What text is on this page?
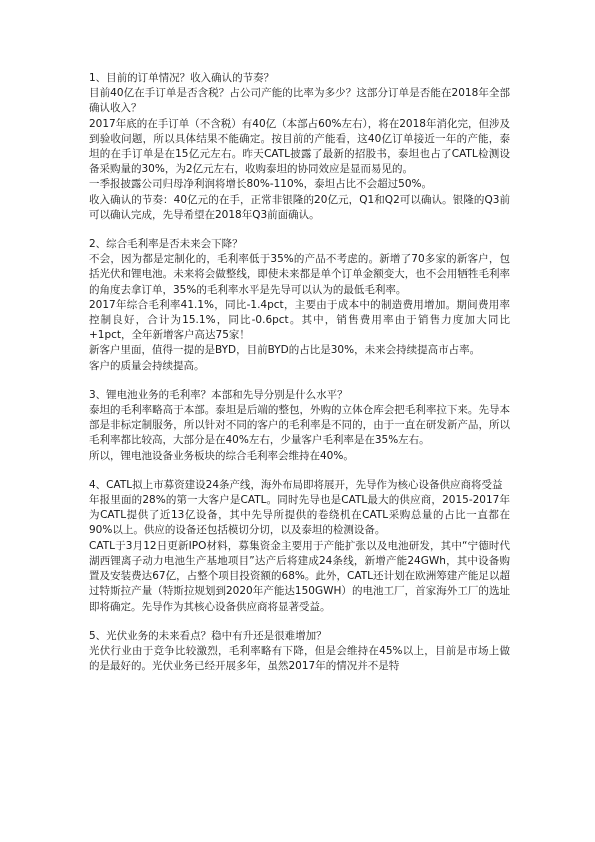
1、目前的订单情况？收入确认的节奏？

目前40亿在手订单是否含税？占公司产能的比率为多少？这部分订单是否能在2018年全部确认收入？

2017年底的在手订单（不含税）有40亿（本部占60%左右），将在2018年消化完，但涉及到验收问题，所以具体结果不能确定。按目前的产能看，这40亿订单接近一年的产能，泰坦的在手订单是在15亿元左右。昨天CATL披露了最新的招股书，泰坦也占了CATL检测设备采购量的30%，为2亿元左右，收购泰坦的协同效应是显而易见的。

一季报披露公司归母净利润将增长80%-110%，泰坦占比不会超过50%。

收入确认的节奏：40亿元的在手，正常非银隆的20亿元，Q1和Q2可以确认。银隆的Q3前可以确认完成，先导希望在2018年Q3前面确认。

2、综合毛利率是否未来会下降？

不会，因为都是定制化的，毛利率低于35%的产品不考虑的。新增了70多家的新客户，包括光伏和锂电池。未来将会做整线，即使未来都是单个订单金额变大，也不会用牺牲毛利率的角度去拿订单，35%的毛利率水平是先导可以认为的最低毛利率。

2017年综合毛利率41.1%，同比-1.4pct，主要由于成本中的制造费用增加。期间费用率控制良好，合计为15.1%，同比-0.6pct。其中，销售费用率由于销售力度加大同比+1pct，全年新增客户高达75家！

新客户里面，值得一提的是BYD，目前BYD的占比是30%，未来会持续提高市占率。

客户的质量会持续提高。

3、锂电池业务的毛利率？本部和先导分别是什么水平？

泰坦的毛利率略高于本部。泰坦是后端的整包，外购的立体仓库会把毛利率拉下来。先导本部是非标定制服务，所以针对不同的客户的毛利率是不同的，由于一直在研发新产品，所以毛利率都比较高，大部分是在40%左右，少量客户毛利率是在35%左右。

所以，锂电池设备业务板块的综合毛利率会维持在40%。

4、CATL拟上市募资建设24条产线，海外布局即将展开，先导作为核心设备供应商将受益

年报里面的28%的第一大客户是CATL。同时先导也是CATL最大的供应商，2015-2017年为CATL提供了近13亿设备，其中先导所提供的卷绕机在CATL采购总量的占比一直都在90%以上。供应的设备还包括模切分切，以及泰坦的检测设备。

CATL于3月12日更新IPO材料，募集资金主要用于产能扩张以及电池研发，其中“宁德时代湖西锂离子动力电池生产基地项目”达产后将建成24条线，新增产能24GWh，其中设备购置及安装费达67亿，占整个项目投资额的68%。此外，CATL还计划在欧洲筹建产能足以超过特斯拉产量（特斯拉规划到2020年产能达150GWH）的电池工厂，首家海外工厂的选址即将确定。先导作为其核心设备供应商将显著受益。

5、光伏业务的未来看点？稳中有升还是很难增加？

光伏行业由于竞争比较激烈，毛利率略有下降，但是会维持在45%以上，目前是市场上做的是最好的。光伏业务已经开展多年，虽然2017年的情况并不是特
